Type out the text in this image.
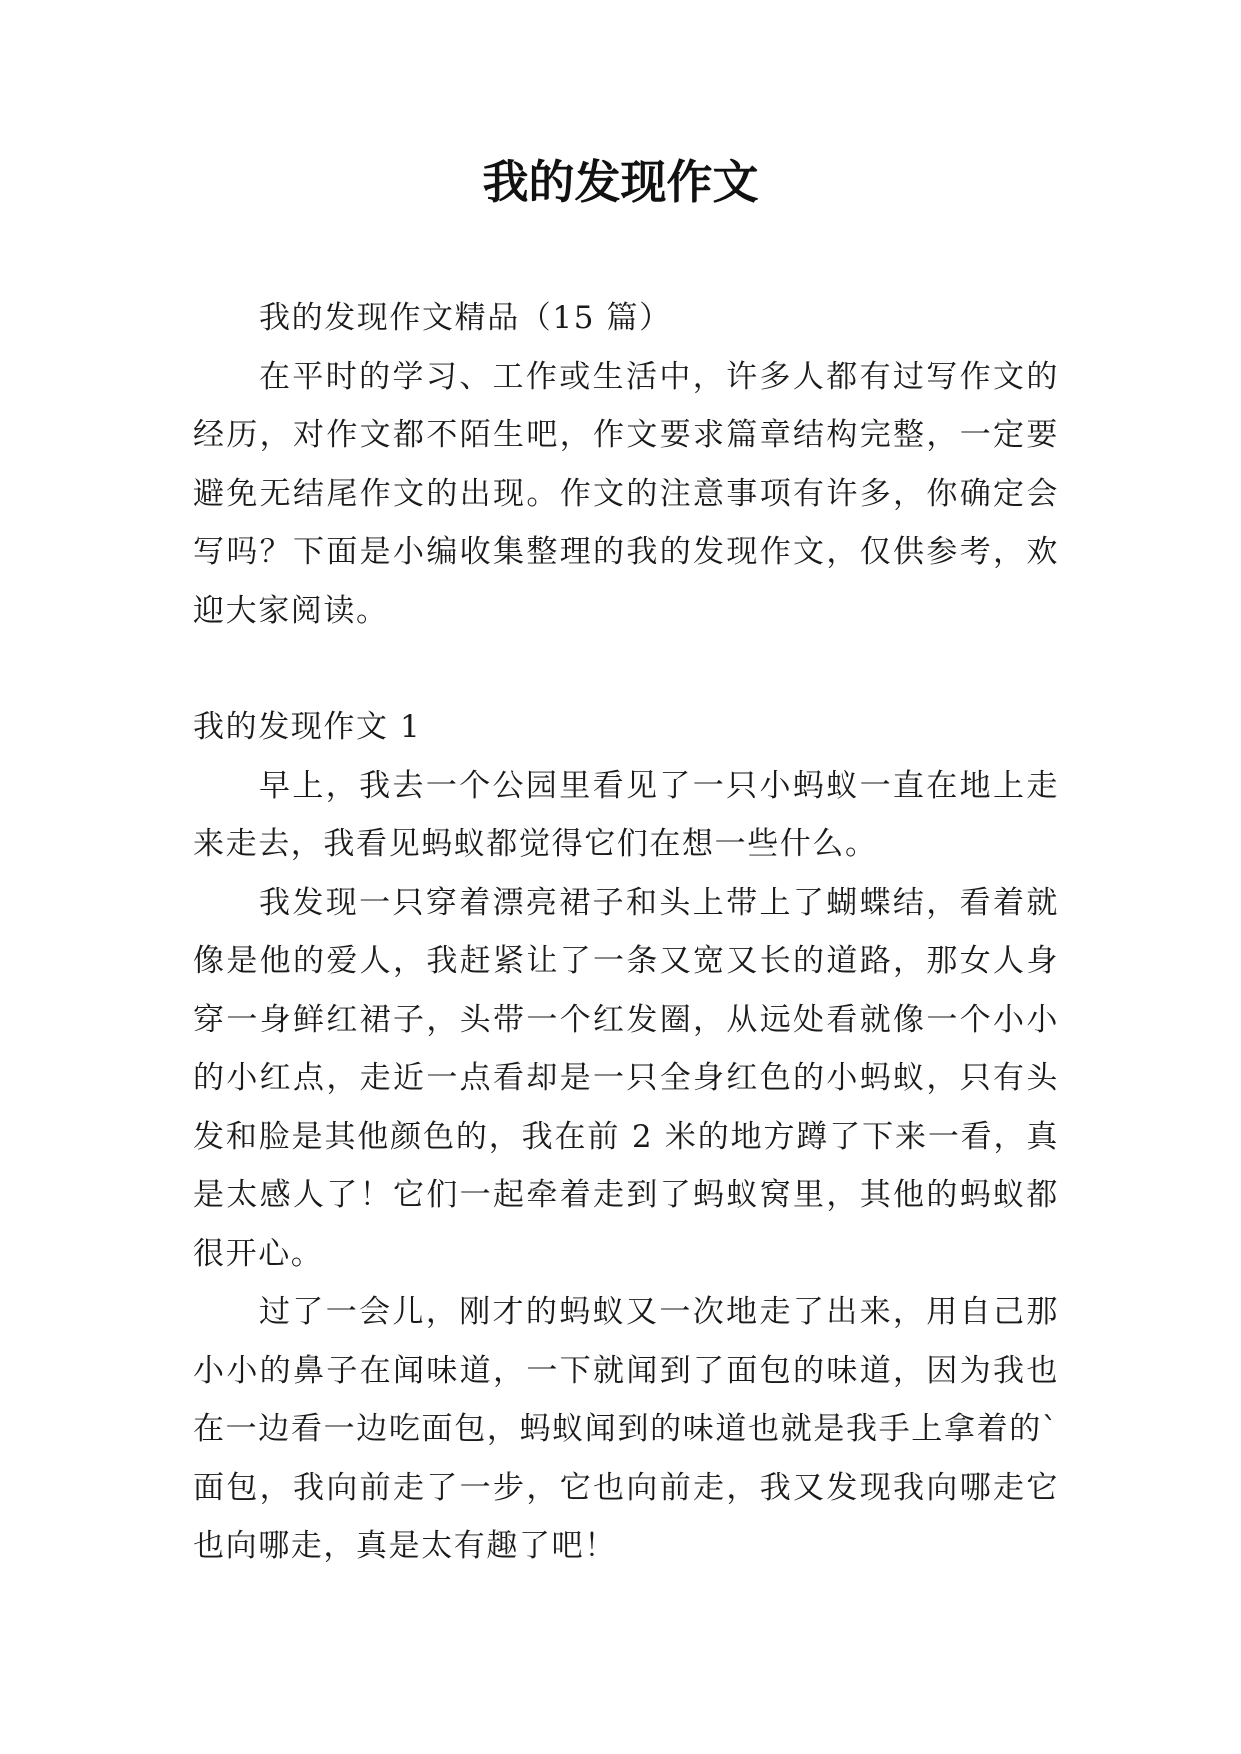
我的发现作文

我的发现作文精品（15 篇）

在平时的学习、工作或生活中，许多人都有过写作文的经历，对作文都不陌生吧，作文要求篇章结构完整，一定要避免无结尾作文的出现。作文的注意事项有许多，你确定会写吗？下面是小编收集整理的我的发现作文，仅供参考，欢迎大家阅读。

我的发现作文 1

早上，我去一个公园里看见了一只小蚂蚁一直在地上走来走去，我看见蚂蚁都觉得它们在想一些什么。

我发现一只穿着漂亮裙子和头上带上了蝴蝶结，看着就像是他的爱人，我赶紧让了一条又宽又长的道路，那女人身穿一身鲜红裙子，头带一个红发圈，从远处看就像一个小小的小红点，走近一点看却是一只全身红色的小蚂蚁，只有头发和脸是其他颜色的，我在前 2 米的地方蹲了下来一看，真是太感人了！它们一起牵着走到了蚂蚁窝里，其他的蚂蚁都很开心。

过了一会儿，刚才的蚂蚁又一次地走了出来，用自己那小小的鼻子在闻味道，一下就闻到了面包的味道，因为我也在一边看一边吃面包，蚂蚁闻到的味道也就是我手上拿着的`面包，我向前走了一步，它也向前走，我又发现我向哪走它也向哪走，真是太有趣了吧！
